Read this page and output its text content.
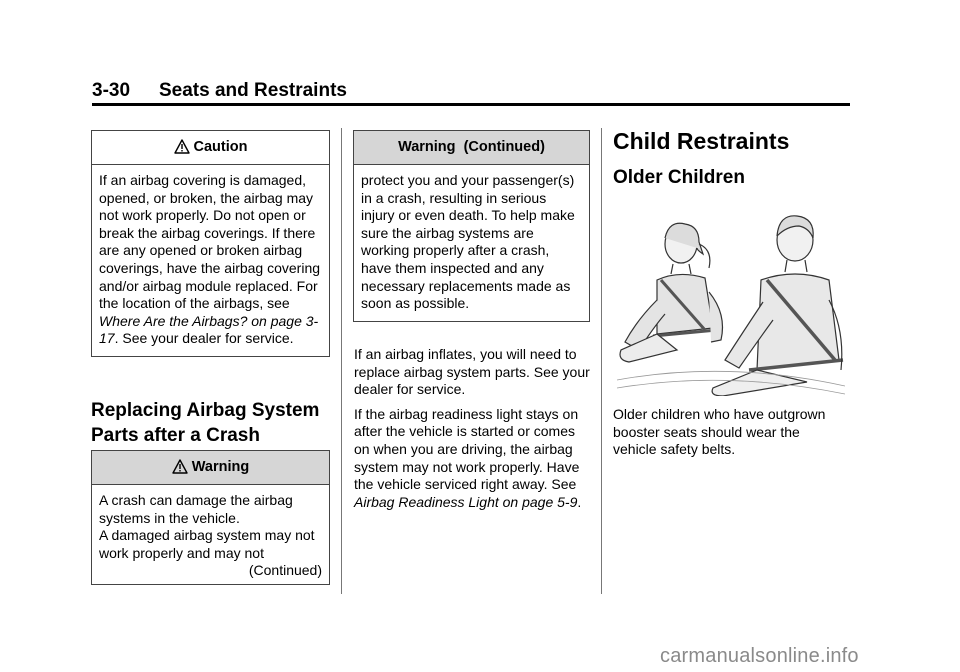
3-30 Seats and Restraints
Caution

If an airbag covering is damaged, opened, or broken, the airbag may not work properly. Do not open or break the airbag coverings. If there are any opened or broken airbag coverings, have the airbag covering and/or airbag module replaced. For the location of the airbags, see Where Are the Airbags? on page 3-17. See your dealer for service.

Replacing Airbag System
Parts after a Crash
Warning

A crash can damage the airbag systems in the vehicle.

A damaged airbag system may not work properly and may not

(Continued)

Warning  (Continued)

protect you and your passenger(s) in a crash, resulting in serious injury or even death. To help make sure the airbag systems are working properly after a crash, have them inspected and any necessary replacements made as soon as possible.

If an airbag inflates, you will need to replace airbag system parts. See your dealer for service.

If the airbag readiness light stays on after the vehicle is started or comes on when you are driving, the airbag system may not work properly. Have the vehicle serviced right away. See Airbag Readiness Light on page 5-9.

Child Restraints
Older Children

Older children who have outgrown booster seats should wear the vehicle safety belts.

carmanualsonline.info
